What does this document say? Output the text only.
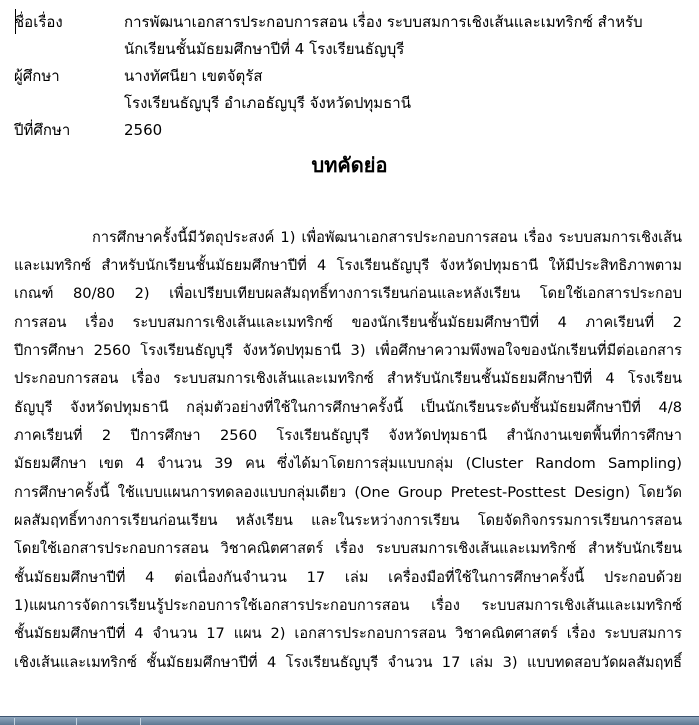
ชื่อเรื่อง	การพัฒนาเอกสารประกอบการสอน เรื่อง ระบบสมการเชิงเส้นและเมทริกซ์ สำหรับ
นักเรียนชั้นมัธยมศึกษาปีที่ 4 โรงเรียนธัญบุรี
ผู้ศึกษา	นางทัศนียา เขตจัตุรัส
โรงเรียนธัญบุรี อำเภอธัญบุรี จังหวัดปทุมธานี
ปีที่ศึกษา	2560
บทคัดย่อ
การศึกษาครั้งนี้มีวัตถุประสงค์ 1) เพื่อพัฒนาเอกสารประกอบการสอน เรื่อง ระบบสมการเชิงเส้น
และเมทริกซ์ สำหรับนักเรียนชั้นมัธยมศึกษาปีที่ 4 โรงเรียนธัญบุรี จังหวัดปทุมธานี ให้มีประสิทธิภาพตาม
เกณฑ์ 80/80 2) เพื่อเปรียบเทียบผลสัมฤทธิ์ทางการเรียนก่อนและหลังเรียน โดยใช้เอกสารประกอบ
การสอน เรื่อง ระบบสมการเชิงเส้นและเมทริกซ์ ของนักเรียนชั้นมัธยมศึกษาปีที่ 4 ภาคเรียนที่ 2
ปีการศึกษา 2560 โรงเรียนธัญบุรี จังหวัดปทุมธานี 3) เพื่อศึกษาความพึงพอใจของนักเรียนที่มีต่อเอกสาร
ประกอบการสอน เรื่อง ระบบสมการเชิงเส้นและเมทริกซ์ สำหรับนักเรียนชั้นมัธยมศึกษาปีที่ 4 โรงเรียน
ธัญบุรี จังหวัดปทุมธานี กลุ่มตัวอย่างที่ใช้ในการศึกษาครั้งนี้ เป็นนักเรียนระดับชั้นมัธยมศึกษาปีที่ 4/8
ภาคเรียนที่ 2 ปีการศึกษา 2560 โรงเรียนธัญบุรี จังหวัดปทุมธานี สำนักงานเขตพื้นที่การศึกษา
มัธยมศึกษา เขต 4 จำนวน 39 คน ซึ่งได้มาโดยการสุ่มแบบกลุ่ม (Cluster Random Sampling)
การศึกษาครั้งนี้ ใช้แบบแผนการทดลองแบบกลุ่มเดียว (One Group Pretest-Posttest Design) โดยวัด
ผลสัมฤทธิ์ทางการเรียนก่อนเรียน หลังเรียน และในระหว่างการเรียน โดยจัดกิจกรรมการเรียนการสอน
โดยใช้เอกสารประกอบการสอน วิชาคณิตศาสตร์ เรื่อง ระบบสมการเชิงเส้นและเมทริกซ์ สำหรับนักเรียน
ชั้นมัธยมศึกษาปีที่ 4 ต่อเนื่องกันจำนวน 17 เล่ม เครื่องมือที่ใช้ในการศึกษาครั้งนี้ ประกอบด้วย
1)แผนการจัดการเรียนรู้ประกอบการใช้เอกสารประกอบการสอน เรื่อง ระบบสมการเชิงเส้นและเมทริกซ์
ชั้นมัธยมศึกษาปีที่ 4 จำนวน 17 แผน 2) เอกสารประกอบการสอน วิชาคณิตศาสตร์ เรื่อง ระบบสมการ
เชิงเส้นและเมทริกซ์ ชั้นมัธยมศึกษาปีที่ 4 โรงเรียนธัญบุรี จำนวน 17 เล่ม 3) แบบทดสอบวัดผลสัมฤทธิ์
